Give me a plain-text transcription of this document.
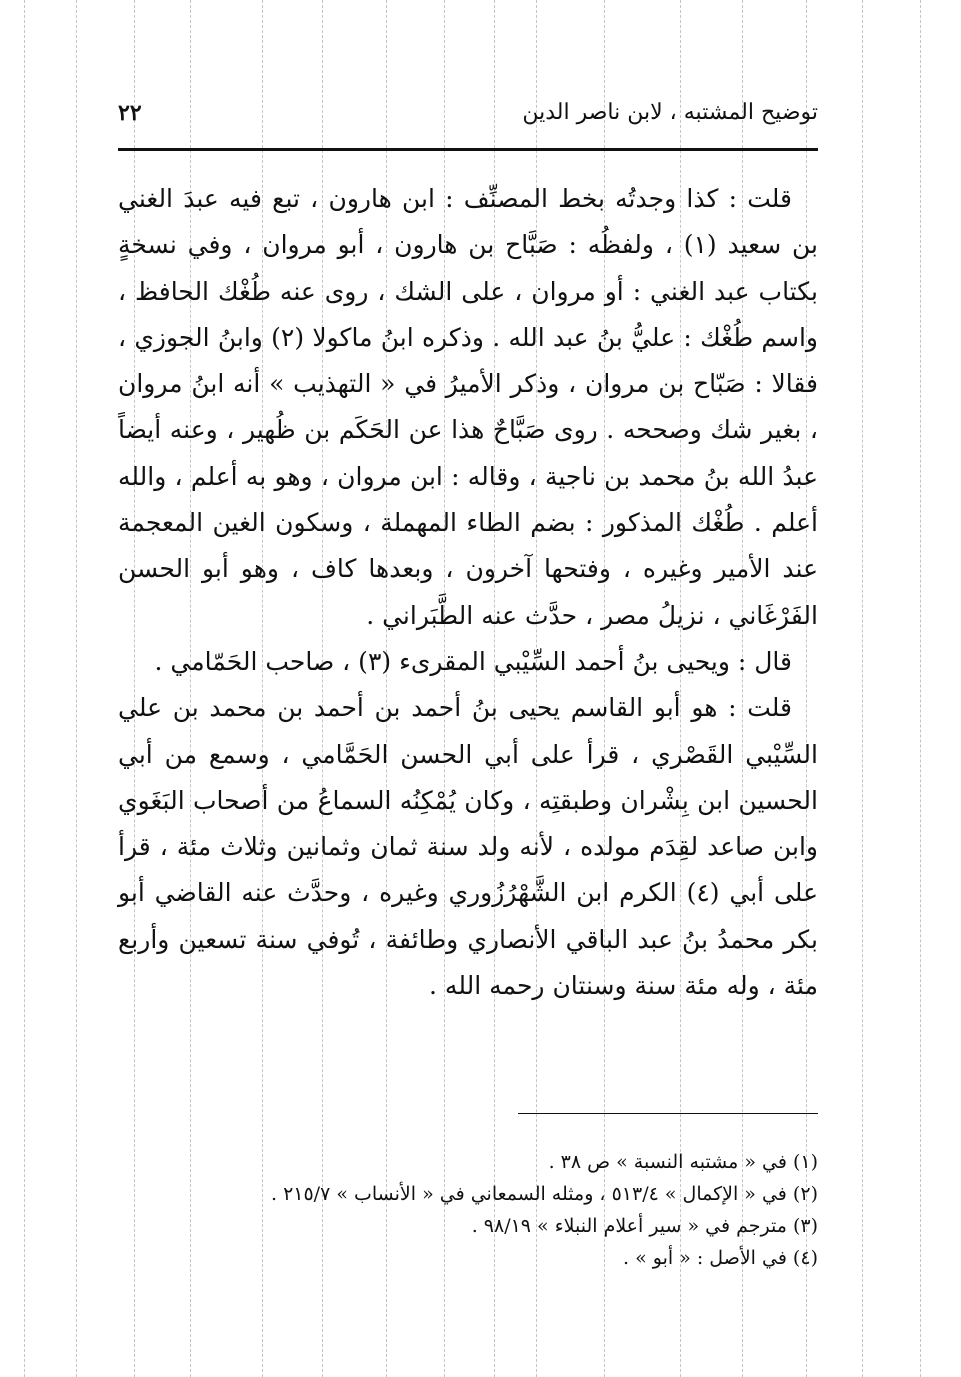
توضيح المشتبه ، لابن ناصر الدين
٢٢

قلت : كذا وجدتُه بخط المصنِّف : ابن هارون ، تبع فيه عبدَ الغني بن سعيد (١) ، ولفظُه : صَبَّاح بن هارون ، أبو مروان ، وفي نسخةٍ بكتاب عبد الغني : أو مروان ، على الشك ، روى عنه طُغْك الحافظ ، واسم طُغْك : عليُّ بنُ عبد الله . وذكره ابنُ ماكولا (٢) وابنُ الجوزي ، فقالا : صَبّاح بن مروان ، وذكر الأميرُ في « التهذيب » أنه ابنُ مروان ، بغير شك وصححه . روى صَبَّاحٌ هذا عن الحَكَم بن ظُهير ، وعنه أيضاً عبدُ الله بنُ محمد بن ناجية ، وقاله : ابن مروان ، وهو به أعلم ، والله أعلم . طُغْك المذكور : بضم الطاء المهملة ، وسكون الغين المعجمة عند الأمير وغيره ، وفتحها آخرون ، وبعدها كاف ، وهو أبو الحسن الفَرْغَاني ، نزيلُ مصر ، حدَّث عنه الطَّبَراني .

قال : ويحيى بنُ أحمد السِّيْبي المقرىء (٣) ، صاحب الحَمّامي .

قلت : هو أبو القاسم يحيى بنُ أحمد بن أحمد بن محمد بن علي السِّيْبي القَصْري ، قرأ على أبي الحسن الحَمَّامي ، وسمع من أبي الحسين ابن بِشْران وطبقتِه ، وكان يُمْكِنُه السماعُ من أصحاب البَغَوي وابن صاعد لقِدَم مولده ، لأنه ولد سنة ثمان وثمانين وثلاث مئة ، قرأ على أبي (٤) الكرم ابن الشَّهْرُزُوري وغيره ، وحدَّث عنه القاضي أبو بكر محمدُ بنُ عبد الباقي الأنصاري وطائفة ، تُوفي سنة تسعين وأربع مئة ، وله مئة سنة وسنتان رحمه الله .

(١) في « مشتبه النسبة » ص ٣٨ .
(٢) في « الإكمال » ٥١٣/٤ ، ومثله السمعاني في « الأنساب » ٢١٥/٧ .
(٣) مترجم في « سير أعلام النبلاء » ٩٨/١٩ .
(٤) في الأصل : « أبو » .
